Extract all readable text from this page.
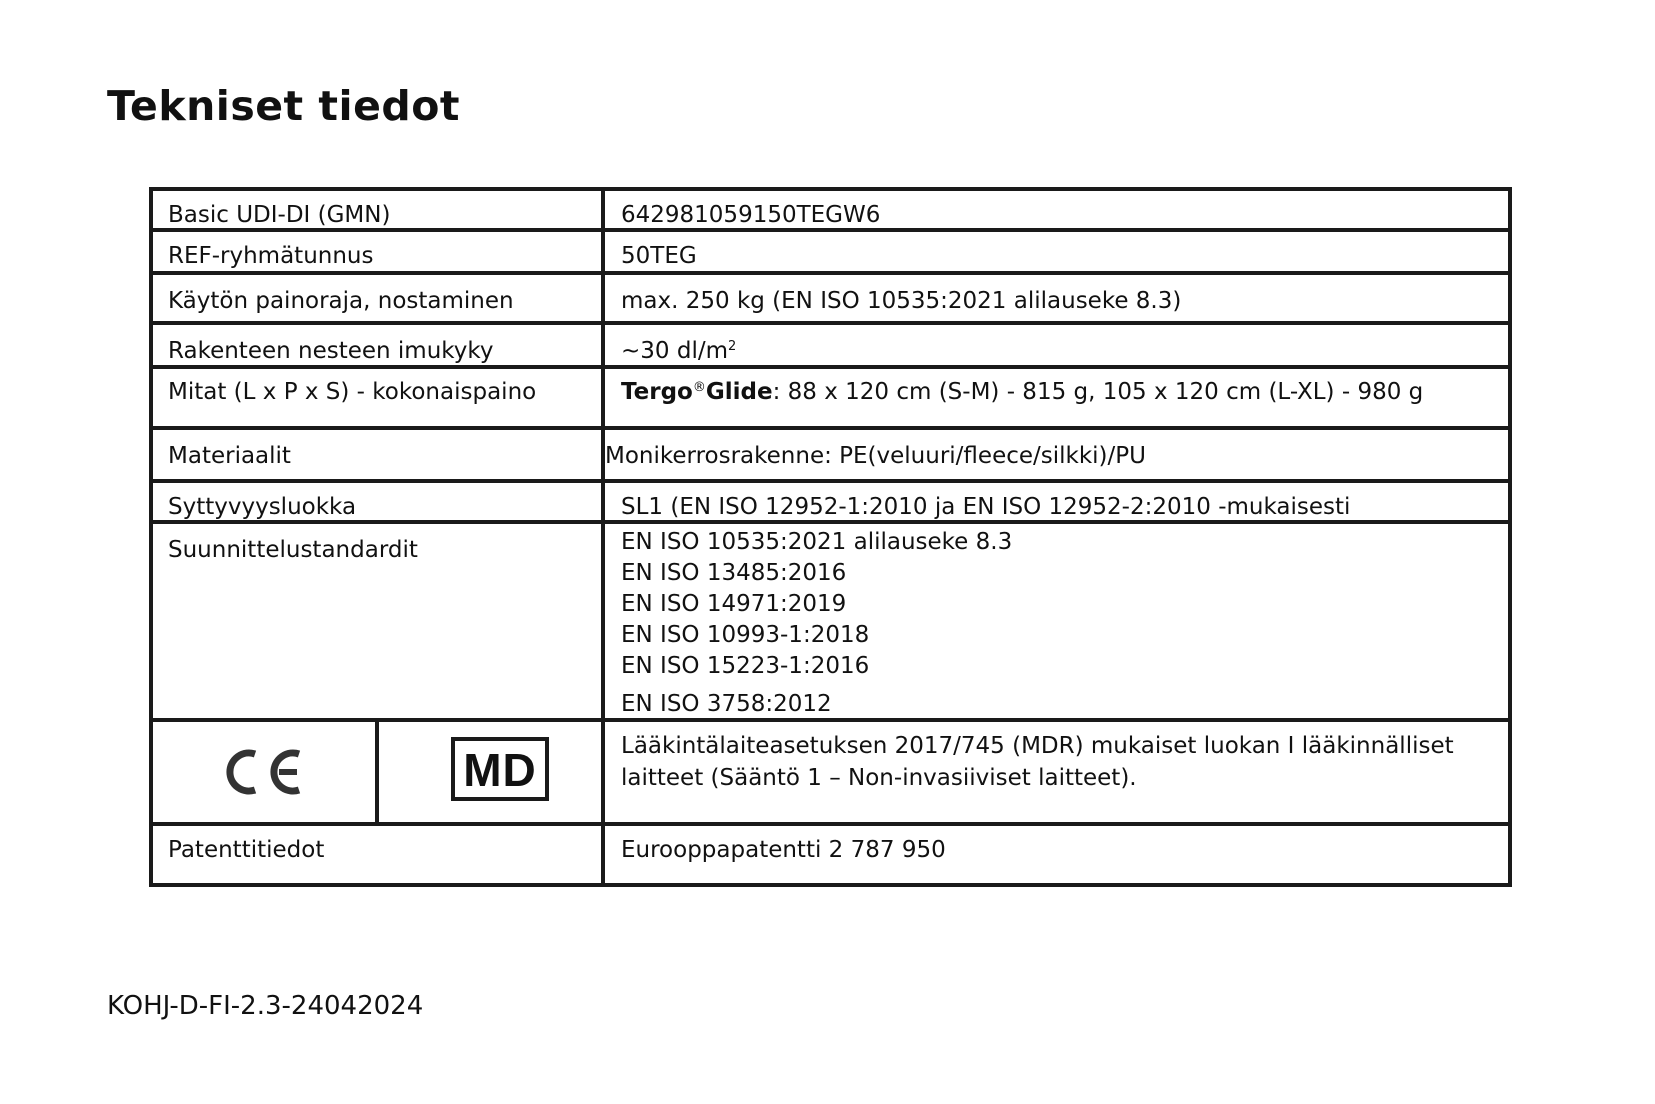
Tekniset tiedot
Basic UDI-DI (GMN)	642981059150TEGW6
REF-ryhmätunnus	50TEG
Käytön painoraja, nostaminen	max. 250 kg (EN ISO 10535:2021 alilauseke 8.3)
Rakenteen nesteen imukyky	~30 $dl/m^2$
Mitat (L x P x S) - kokonaispaino	Tergo®Glide: 88 x 120 cm (S-M) - 815 g, 105 x 120 cm (L-XL) - 980 g
Materiaalit	Monikerrosrakenne: PE(veluuri/fleece/silkki)/PU
Syttyvyysluokka	SL1 (EN ISO 12952-1:2010 ja EN ISO 12952-2:2010 -mukaisesti
Suunnittelustandardit	EN ISO 10535:2021 alilauseke 8.3
EN ISO 13485:2016
EN ISO 14971:2019
EN ISO 10993-1:2018
EN ISO 15223-1:2016
EN ISO 3758:2012
MD	Lääkintälaiteasetuksen 2017/745 (MDR) mukaiset luokan I lääkinnälliset laitteet (Sääntö 1 – Non-invasiiviset laitteet).
Patenttitiedot	Eurooppapatentti 2 787 950
KOHJ-D-FI-2.3-24042024
